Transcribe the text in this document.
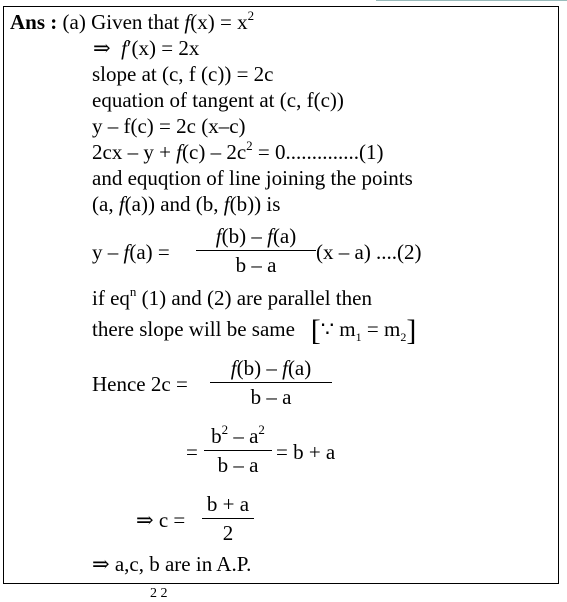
Ans : (a) Given that $f(x) = x^2$
⇒ f′(x) = 2x
slope at (c, f (c)) = 2c
equation of tangent at (c, f(c))
y – f(c) = 2c (x–c)
$2cx - y + f(c) - 2c^2 = 0..............(1)$
and equqtion of line joining the points
(a, f(a)) and (b, f(b)) is
y – f(a) =
f(b) – f(a)
b – a
(x – a) ....(2)
if $eq^n$ (1) and (2) are parallel then
there slope will be same [∵ $m_1 = m_2$]
Hence 2c =
f(b) – f(a)
b – a
=
$b^2 - a^2$
b – a
= b + a
⇒ c =
b + a
2
⇒ a,c, b are in A.P.
2 2
